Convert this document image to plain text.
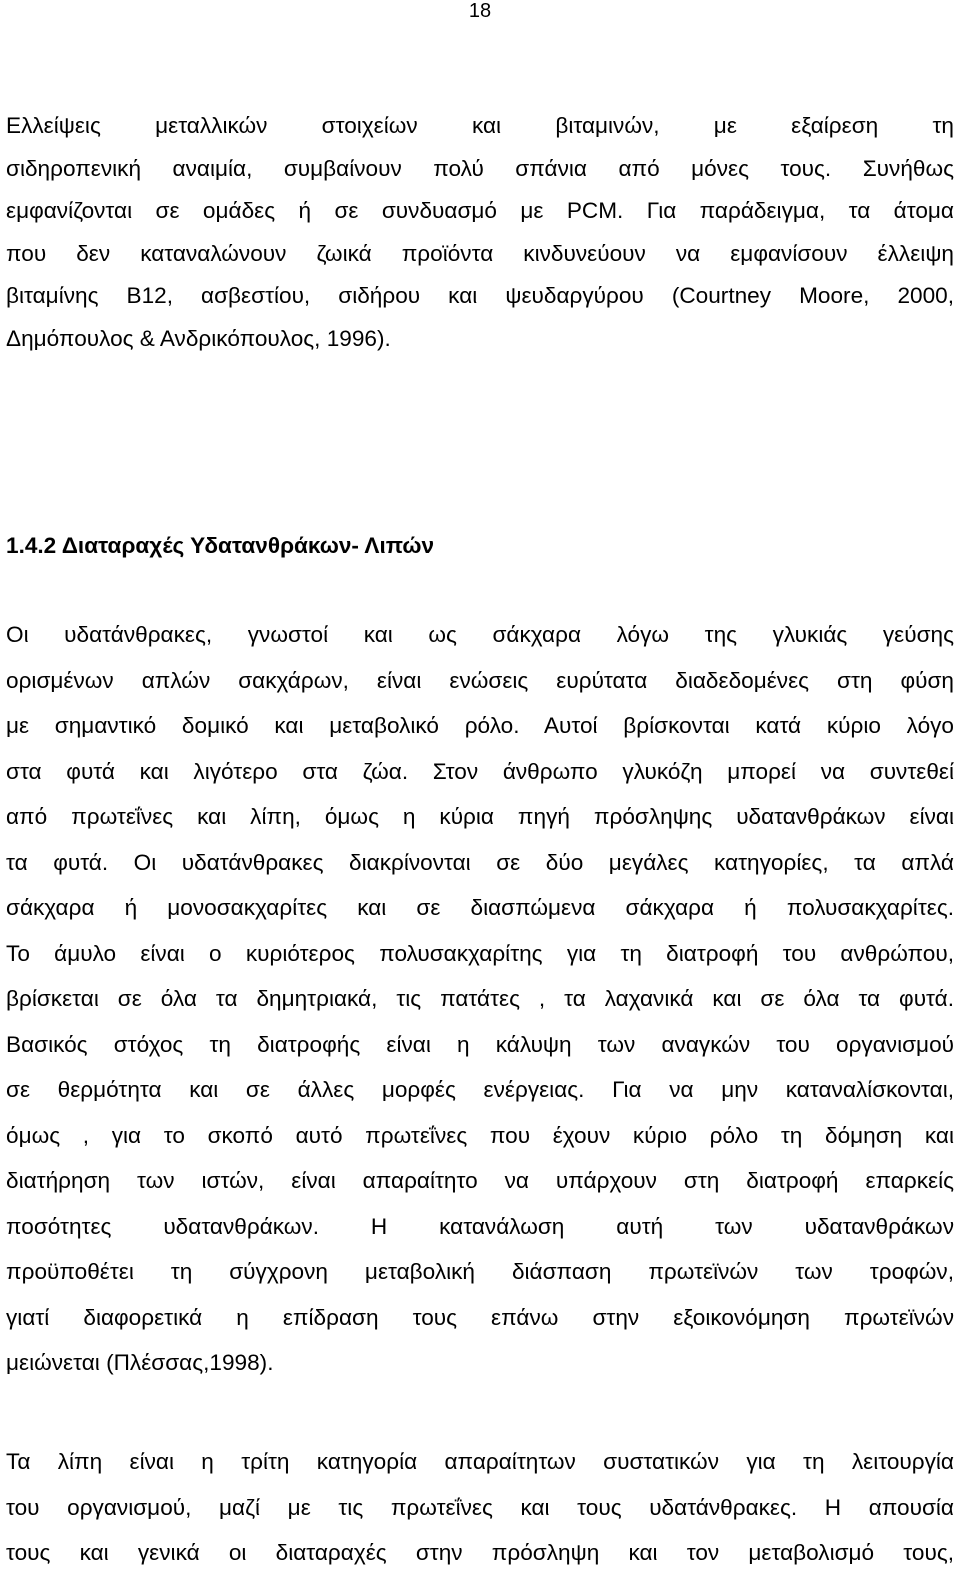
18
Ελλείψεις μεταλλικών στοιχείων και βιταμινών, με εξαίρεση τη
σιδηροπενική αναιμία, συμβαίνουν πολύ σπάνια από μόνες τους. Συνήθως
εμφανίζονται σε ομάδες ή σε συνδυασμό με PCM. Για παράδειγμα, τα άτομα
που δεν καταναλώνουν ζωικά προϊόντα κινδυνεύουν να εμφανίσουν έλλειψη
βιταμίνης Β12, ασβεστίου, σιδήρου και ψευδαργύρου (Courtney Moore, 2000,
Δημόπουλος & Ανδρικόπουλος, 1996).
1.4.2 Διαταραχές Υδατανθράκων- Λιπών
Οι υδατάνθρακες, γνωστοί και ως σάκχαρα λόγω της γλυκιάς γεύσης
ορισμένων απλών σακχάρων, είναι ενώσεις ευρύτατα διαδεδομένες στη φύση
με σημαντικό δομικό και μεταβολικό ρόλο. Αυτοί βρίσκονται κατά κύριο λόγο
στα φυτά και λιγότερο στα ζώα. Στον άνθρωπο γλυκόζη μπορεί να συντεθεί
από πρωτεΐνες και λίπη, όμως η κύρια πηγή πρόσληψης υδατανθράκων είναι
τα φυτά. Οι υδατάνθρακες διακρίνονται σε δύο μεγάλες κατηγορίες, τα απλά
σάκχαρα ή μονοσακχαρίτες και σε διασπώμενα σάκχαρα ή πολυσακχαρίτες.
Το άμυλο είναι ο κυριότερος πολυσακχαρίτης για τη διατροφή του ανθρώπου,
βρίσκεται σε όλα τα δημητριακά, τις πατάτες , τα λαχανικά και σε όλα τα φυτά.
Βασικός στόχος τη διατροφής είναι η κάλυψη των αναγκών του οργανισμού
σε θερμότητα και σε άλλες μορφές ενέργειας. Για να μην καταναλίσκονται,
όμως , για το σκοπό αυτό πρωτεΐνες που έχουν κύριο ρόλο τη δόμηση και
διατήρηση των ιστών, είναι απαραίτητο να υπάρχουν στη διατροφή επαρκείς
ποσότητες υδατανθράκων. Η κατανάλωση αυτή των υδατανθράκων
προϋποθέτει τη σύγχρονη μεταβολική διάσπαση πρωτεϊνών των τροφών,
γιατί διαφορετικά η επίδραση τους επάνω στην εξοικονόμηση πρωτεϊνών
μειώνεται (Πλέσσας,1998).
Τα λίπη είναι η τρίτη κατηγορία απαραίτητων συστατικών για τη λειτουργία
του οργανισμού, μαζί με τις πρωτεΐνες και τους υδατάνθρακες. Η απουσία
τους και γενικά οι διαταραχές στην πρόσληψη και τον μεταβολισμό τους,
